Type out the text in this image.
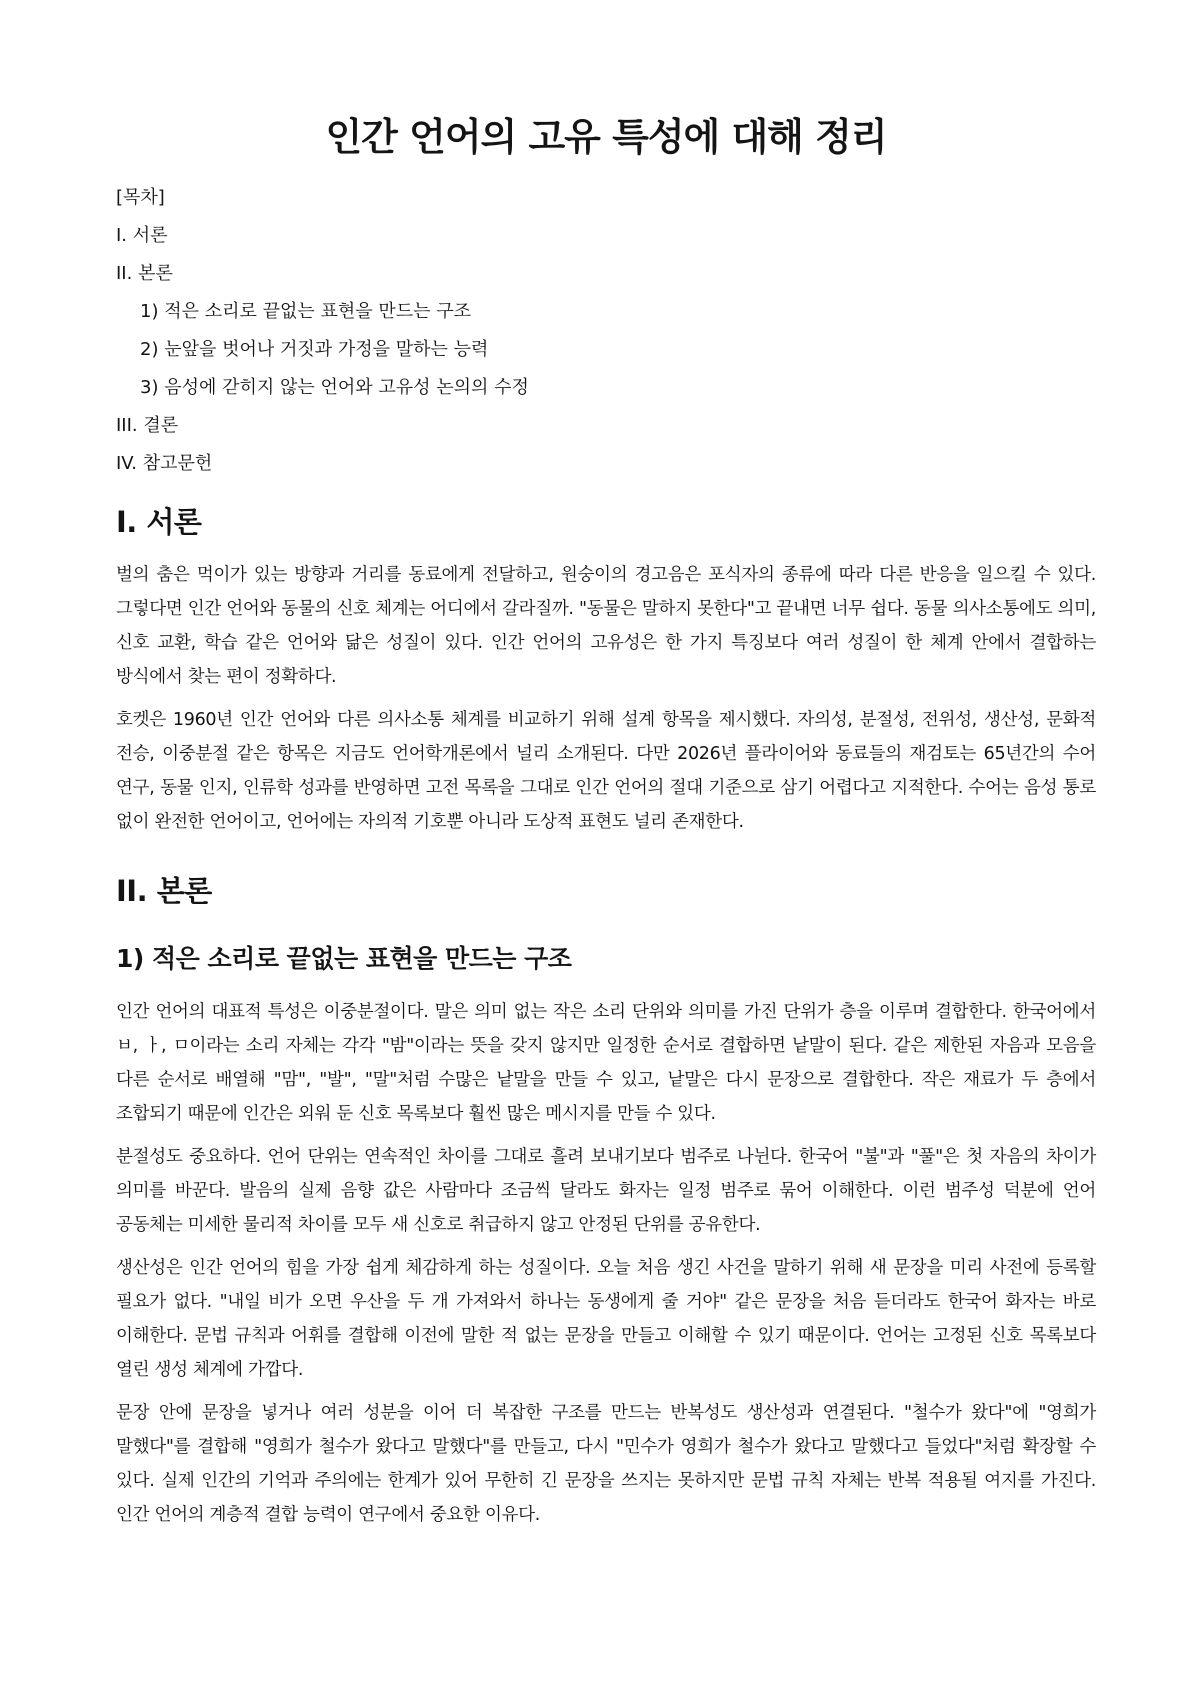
인간 언어의 고유 특성에 대해 정리
[목차]
I. 서론
II. 본론
1) 적은 소리로 끝없는 표현을 만드는 구조
2) 눈앞을 벗어나 거짓과 가정을 말하는 능력
3) 음성에 갇히지 않는 언어와 고유성 논의의 수정
III. 결론
IV. 참고문헌
I. 서론

벌의 춤은 먹이가 있는 방향과 거리를 동료에게 전달하고, 원숭이의 경고음은 포식자의 종류에 따라 다른 반응을 일으킬 수 있다. 그렇다면 인간 언어와 동물의 신호 체계는 어디에서 갈라질까. "동물은 말하지 못한다"고 끝내면 너무 쉽다. 동물 의사소통에도 의미, 신호 교환, 학습 같은 언어와 닮은 성질이 있다. 인간 언어의 고유성은 한 가지 특징보다 여러 성질이 한 체계 안에서 결합하는 방식에서 찾는 편이 정확하다.

호켓은 1960년 인간 언어와 다른 의사소통 체계를 비교하기 위해 설계 항목을 제시했다. 자의성, 분절성, 전위성, 생산성, 문화적 전승, 이중분절 같은 항목은 지금도 언어학개론에서 널리 소개된다. 다만 2026년 플라이어와 동료들의 재검토는 65년간의 수어 연구, 동물 인지, 인류학 성과를 반영하면 고전 목록을 그대로 인간 언어의 절대 기준으로 삼기 어렵다고 지적한다. 수어는 음성 통로 없이 완전한 언어이고, 언어에는 자의적 기호뿐 아니라 도상적 표현도 널리 존재한다.

II. 본론
1) 적은 소리로 끝없는 표현을 만드는 구조

인간 언어의 대표적 특성은 이중분절이다. 말은 의미 없는 작은 소리 단위와 의미를 가진 단위가 층을 이루며 결합한다. 한국어에서 ㅂ, ㅏ, ㅁ이라는 소리 자체는 각각 "밤"이라는 뜻을 갖지 않지만 일정한 순서로 결합하면 낱말이 된다. 같은 제한된 자음과 모음을 다른 순서로 배열해 "맘", "발", "말"처럼 수많은 낱말을 만들 수 있고, 낱말은 다시 문장으로 결합한다. 작은 재료가 두 층에서 조합되기 때문에 인간은 외워 둔 신호 목록보다 훨씬 많은 메시지를 만들 수 있다.

분절성도 중요하다. 언어 단위는 연속적인 차이를 그대로 흘려 보내기보다 범주로 나뉜다. 한국어 "불"과 "풀"은 첫 자음의 차이가 의미를 바꾼다. 발음의 실제 음향 값은 사람마다 조금씩 달라도 화자는 일정 범주로 묶어 이해한다. 이런 범주성 덕분에 언어 공동체는 미세한 물리적 차이를 모두 새 신호로 취급하지 않고 안정된 단위를 공유한다.

생산성은 인간 언어의 힘을 가장 쉽게 체감하게 하는 성질이다. 오늘 처음 생긴 사건을 말하기 위해 새 문장을 미리 사전에 등록할 필요가 없다. "내일 비가 오면 우산을 두 개 가져와서 하나는 동생에게 줄 거야" 같은 문장을 처음 듣더라도 한국어 화자는 바로 이해한다. 문법 규칙과 어휘를 결합해 이전에 말한 적 없는 문장을 만들고 이해할 수 있기 때문이다. 언어는 고정된 신호 목록보다 열린 생성 체계에 가깝다.

문장 안에 문장을 넣거나 여러 성분을 이어 더 복잡한 구조를 만드는 반복성도 생산성과 연결된다. "철수가 왔다"에 "영희가 말했다"를 결합해 "영희가 철수가 왔다고 말했다"를 만들고, 다시 "민수가 영희가 철수가 왔다고 말했다고 들었다"처럼 확장할 수 있다. 실제 인간의 기억과 주의에는 한계가 있어 무한히 긴 문장을 쓰지는 못하지만 문법 규칙 자체는 반복 적용될 여지를 가진다. 인간 언어의 계층적 결합 능력이 연구에서 중요한 이유다.
